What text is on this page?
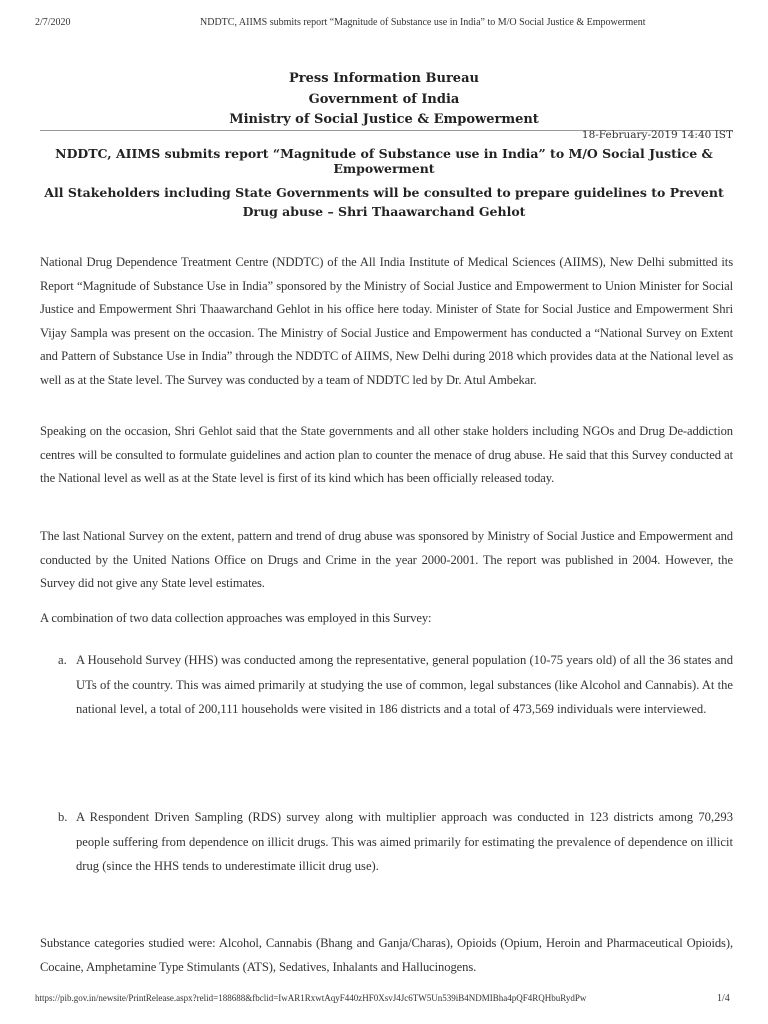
2/7/2020	NDDTC, AIIMS submits report “Magnitude of Substance use in India” to M/O Social Justice & Empowerment
Press Information Bureau
Government of India
Ministry of Social Justice & Empowerment
18-February-2019 14:40 IST
NDDTC, AIIMS submits report “Magnitude of Substance use in India” to M/O Social Justice & Empowerment
All Stakeholders including State Governments will be consulted to prepare guidelines to Prevent Drug abuse – Shri Thaawarchand Gehlot
National Drug Dependence Treatment Centre (NDDTC) of the All India Institute of Medical Sciences (AIIMS), New Delhi submitted its Report “Magnitude of Substance Use in India” sponsored by the Ministry of Social Justice and Empowerment to Union Minister for Social Justice and Empowerment Shri Thaawarchand Gehlot in his office here today. Minister of State for Social Justice and Empowerment Shri Vijay Sampla was present on the occasion. The Ministry of Social Justice and Empowerment has conducted a “National Survey on Extent and Pattern of Substance Use in India” through the NDDTC of AIIMS, New Delhi during 2018 which provides data at the National level as well as at the State level. The Survey was conducted by a team of NDDTC led by Dr. Atul Ambekar.
Speaking on the occasion, Shri Gehlot said that the State governments and all other stake holders including NGOs and Drug De-addiction centres will be consulted to formulate guidelines and action plan to counter the menace of drug abuse. He said that this Survey conducted at the National level as well as at the State level is first of its kind which has been officially released today.
The last National Survey on the extent, pattern and trend of drug abuse was sponsored by Ministry of Social Justice and Empowerment and conducted by the United Nations Office on Drugs and Crime in the year 2000-2001. The report was published in 2004. However, the Survey did not give any State level estimates.
A combination of two data collection approaches was employed in this Survey:
a. A Household Survey (HHS) was conducted among the representative, general population (10-75 years old) of all the 36 states and UTs of the country. This was aimed primarily at studying the use of common, legal substances (like Alcohol and Cannabis). At the national level, a total of 200,111 households were visited in 186 districts and a total of 473,569 individuals were interviewed.
b. A Respondent Driven Sampling (RDS) survey along with multiplier approach was conducted in 123 districts among 70,293 people suffering from dependence on illicit drugs. This was aimed primarily for estimating the prevalence of dependence on illicit drug (since the HHS tends to underestimate illicit drug use).
Substance categories studied were: Alcohol, Cannabis (Bhang and Ganja/Charas), Opioids (Opium, Heroin and Pharmaceutical Opioids), Cocaine, Amphetamine Type Stimulants (ATS), Sedatives, Inhalants and Hallucinogens.
https://pib.gov.in/newsite/PrintRelease.aspx?relid=188688&fbclid=IwAR1RxwtAqyF440zHF0XsvJ4Jc6TW5Un539iB4NDMIBha4pQF4RQHbuRydPw	1/4
